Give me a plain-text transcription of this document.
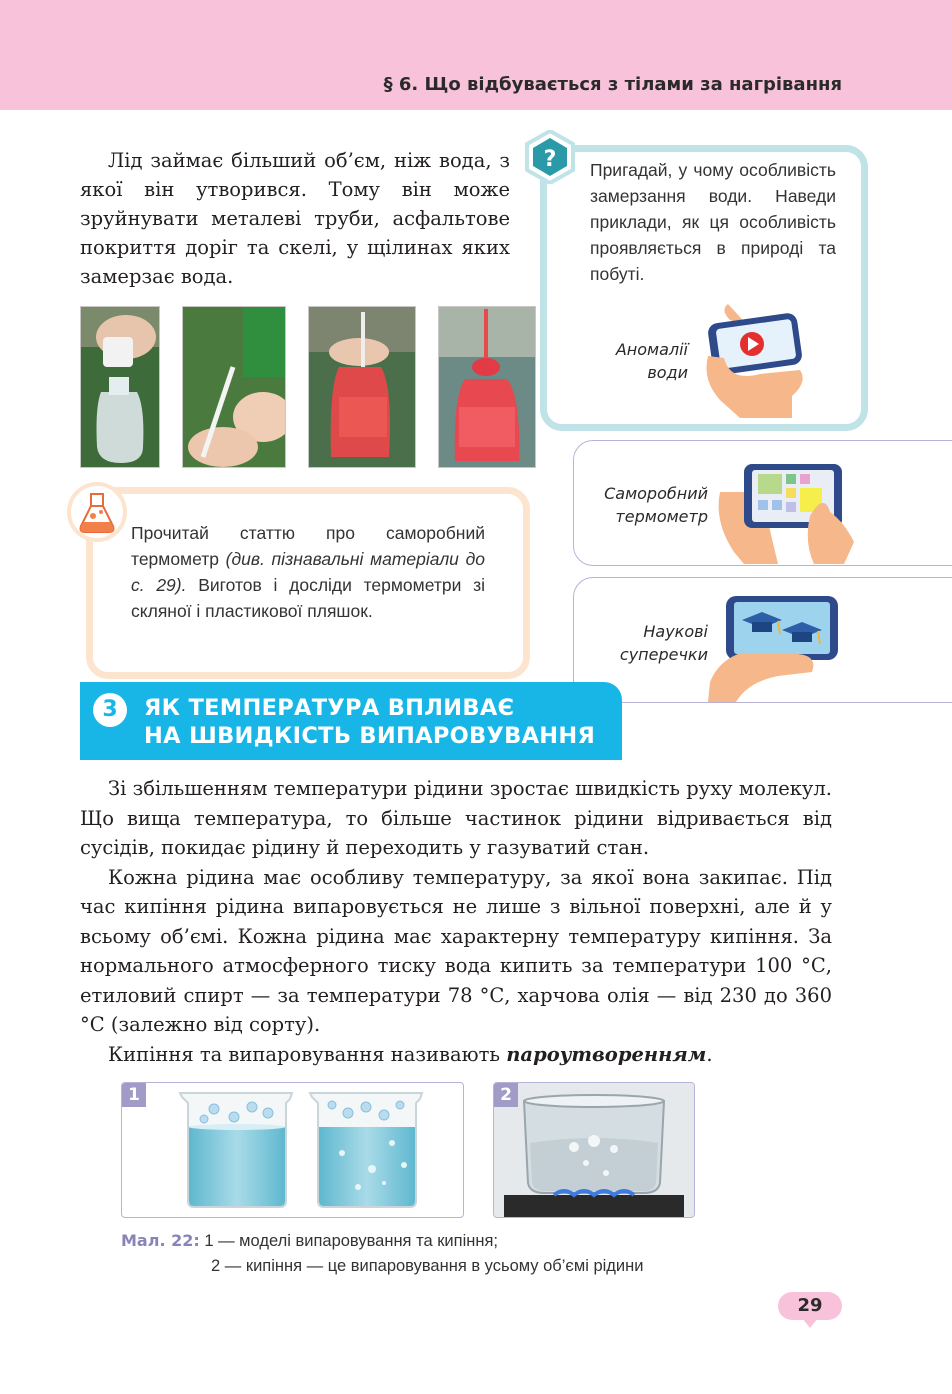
§ 6. Що відбувається з тілами за нагрівання
Лід займає більший об’єм, ніж вода, з якої він утворився. Тому він може зруйнувати металеві труби, асфальтове покриття доріг та скелі, у щілинах яких замерзає вода.
? Пригадай, у чому особливість замерзання води. Наведи приклади, як ця особливість проявляється в природі та побуті.
Аномалії
води
Саморобний
термометр
Наукові
суперечки
Прочитай статтю про саморобний термометр (див. пізнавальні матеріали до с. 29). Виготов і досліди термометри зі скляної і пластикової пляшок.
3	ЯК ТЕМПЕРАТУРА ВПЛИВАЄ
НА ШВИДКІСТЬ ВИПАРОВУВАННЯ

Зі збільшенням температури рідини зростає швидкість руху молекул. Що вища температура, то більше частинок рідини відривається від сусідів, покидає рідину й переходить у газуватий стан.

Кожна рідина має особливу температуру, за якої вона закипає. Під час кипіння рідина випаровується не лише з вільної поверхні, але й у всьому об’ємі. Кожна рідина має характерну температуру кипіння. За нормального атмосферного тиску вода кипить за температури 100 °С, етиловий спирт — за температури 78 °С, харчова олія — від 230 до 360 °С (залежно від сорту).

Кипіння та випаровування називають пароутворенням.

1	2
Мал. 22: 1 — моделі випаровування та кипіння;
2 — кипіння — це випаровування в усьому об’ємі рідини
29
